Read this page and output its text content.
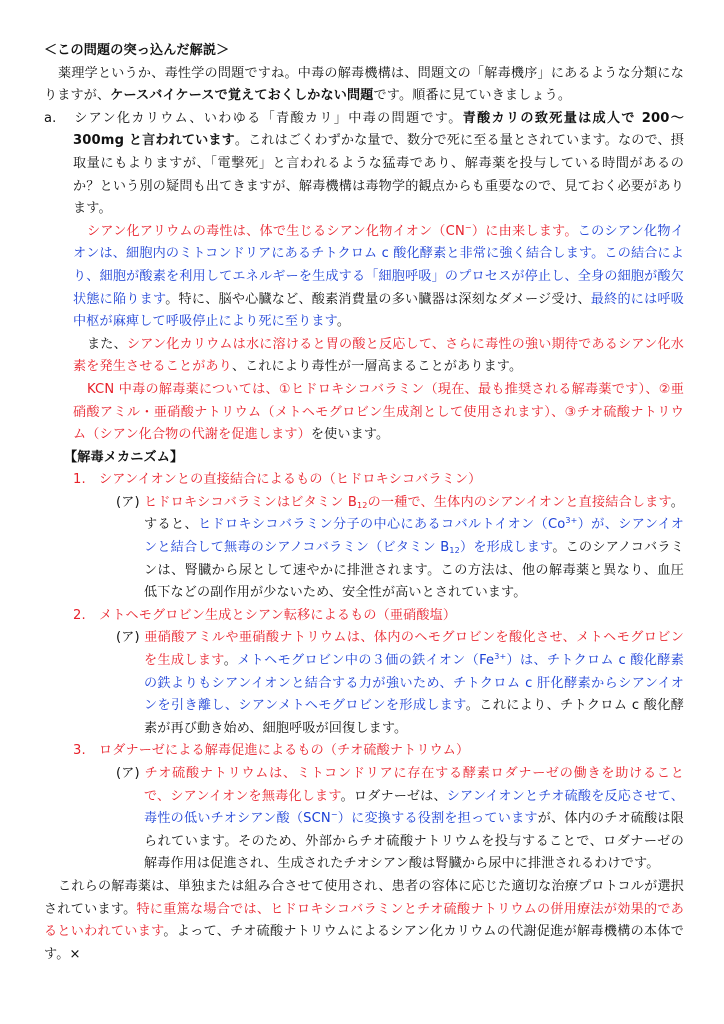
＜この問題の突っ込んだ解説＞

薬理学というか、毒性学の問題ですね。中毒の解毒機構は、問題文の「解毒機序」にあるような分類になりますが、ケースバイケースで覚えておくしかない問題です。順番に見ていきましょう。

a. シアン化カリウム、いわゆる「青酸カリ」中毒の問題です。青酸カリの致死量は成人で 200〜300mg と言われています。これはごくわずかな量で、数分で死に至る量とされています。なので、摂取量にもよりますが、「電撃死」と言われるような猛毒であり、解毒薬を投与している時間があるのか？という別の疑問も出てきますが、解毒機構は毒物学的観点からも重要なので、見ておく必要があります。

シアン化アリウムの毒性は、体で生じるシアン化物イオン（CN−）に由来します。このシアン化物イオンは、細胞内のミトコンドリアにあるチトクロム c 酸化酵素と非常に強く結合します。この結合により、細胞が酸素を利用してエネルギーを生成する「細胞呼吸」のプロセスが停止し、全身の細胞が酸欠状態に陥ります。特に、脳や心臓など、酸素消費量の多い臓器は深刻なダメージ受け、最終的には呼吸中枢が麻痺して呼吸停止により死に至ります。

また、シアン化カリウムは水に溶けると胃の酸と反応して、さらに毒性の強い期待であるシアン化水素を発生させることがあり、これにより毒性が一層高まることがあります。

KCN 中毒の解毒薬については、①ヒドロキシコバラミン（現在、最も推奨される解毒薬です）、②亜硝酸アミル・亜硝酸ナトリウム（メトヘモグロビン生成剤として使用されます）、③チオ硫酸ナトリウム（シアン化合物の代謝を促進します）を使います。

【解毒メカニズム】

1.　シアンイオンとの直接結合によるもの（ヒドロキシコバラミン）

(ア) ヒドロキシコバラミンはビタミン B12の一種で、生体内のシアンイオンと直接結合します。すると、ヒドロキシコバラミン分子の中心にあるコバルトイオン$(Co^{3+})$が、シアンイオンと結合して無毒のシアノコバラミン（ビタミン B12）を形成します。このシアノコバラミンは、腎臓から尿として速やかに排泄されます。この方法は、他の解毒薬と異なり、血圧低下などの副作用が少ないため、安全性が高いとされています。

2.　メトヘモグロビン生成とシアン転移によるもの（亜硝酸塩）

(ア) 亜硝酸アミルや亜硝酸ナトリウムは、体内のヘモグロビンを酸化させ、メトヘモグロビンを生成します。メトヘモグロビン中の３価の鉄イオン$(Fe^{3+})$は、チトクロム c 酸化酵素の鉄よりもシアンイオンと結合する力が強いため、チトクロム c 肝化酵素からシアンイオンを引き離し、シアンメトヘモグロビンを形成します。これにより、チトクロム c 酸化酵素が再び動き始め、細胞呼吸が回復します。

3.　ロダナーゼによる解毒促進によるもの（チオ硫酸ナトリウム）

(ア) チオ硫酸ナトリウムは、ミトコンドリアに存在する酵素ロダナーゼの働きを助けることで、シアンイオンを無毒化します。ロダナーゼは、シアンイオンとチオ硫酸を反応させて、毒性の低いチオシアン酸（SCN−）に変換する役割を担っていますが、体内のチオ硫酸は限られています。そのため、外部からチオ硫酸ナトリウムを投与することで、ロダナーゼの解毒作用は促進され、生成されたチオシアン酸は腎臓から尿中に排泄されるわけです。

これらの解毒薬は、単独または組み合させて使用され、患者の容体に応じた適切な治療プロトコルが選択されています。特に重篤な場合では、ヒドロキシコバラミンとチオ硫酸ナトリウムの併用療法が効果的であるといわれています。よって、チオ硫酸ナトリウムによるシアン化カリウムの代謝促進が解毒機構の本体です。×
